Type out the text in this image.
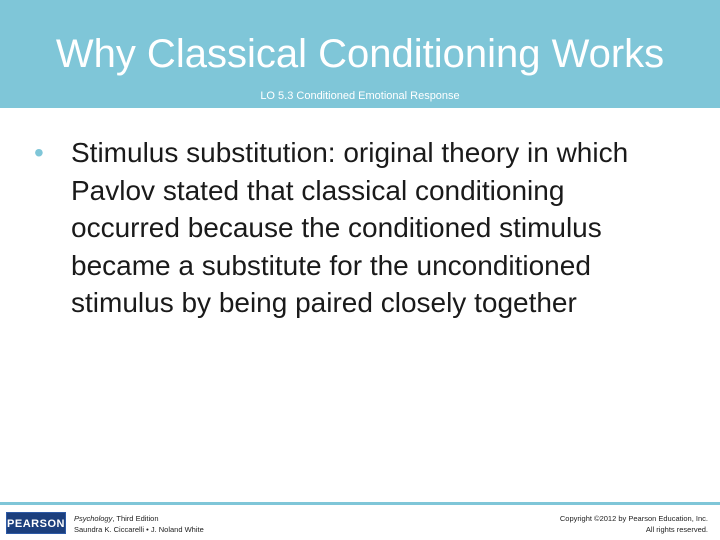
Why Classical Conditioning Works
LO 5.3 Conditioned Emotional Response
• Stimulus substitution: original theory in which Pavlov stated that classical conditioning occurred because the conditioned stimulus became a substitute for the unconditioned stimulus by being paired closely together
PEARSON Psychology, Third Edition
Saundra K. Ciccarelli • J. Noland White
Copyright ©2012 by Pearson Education, Inc.
All rights reserved.
